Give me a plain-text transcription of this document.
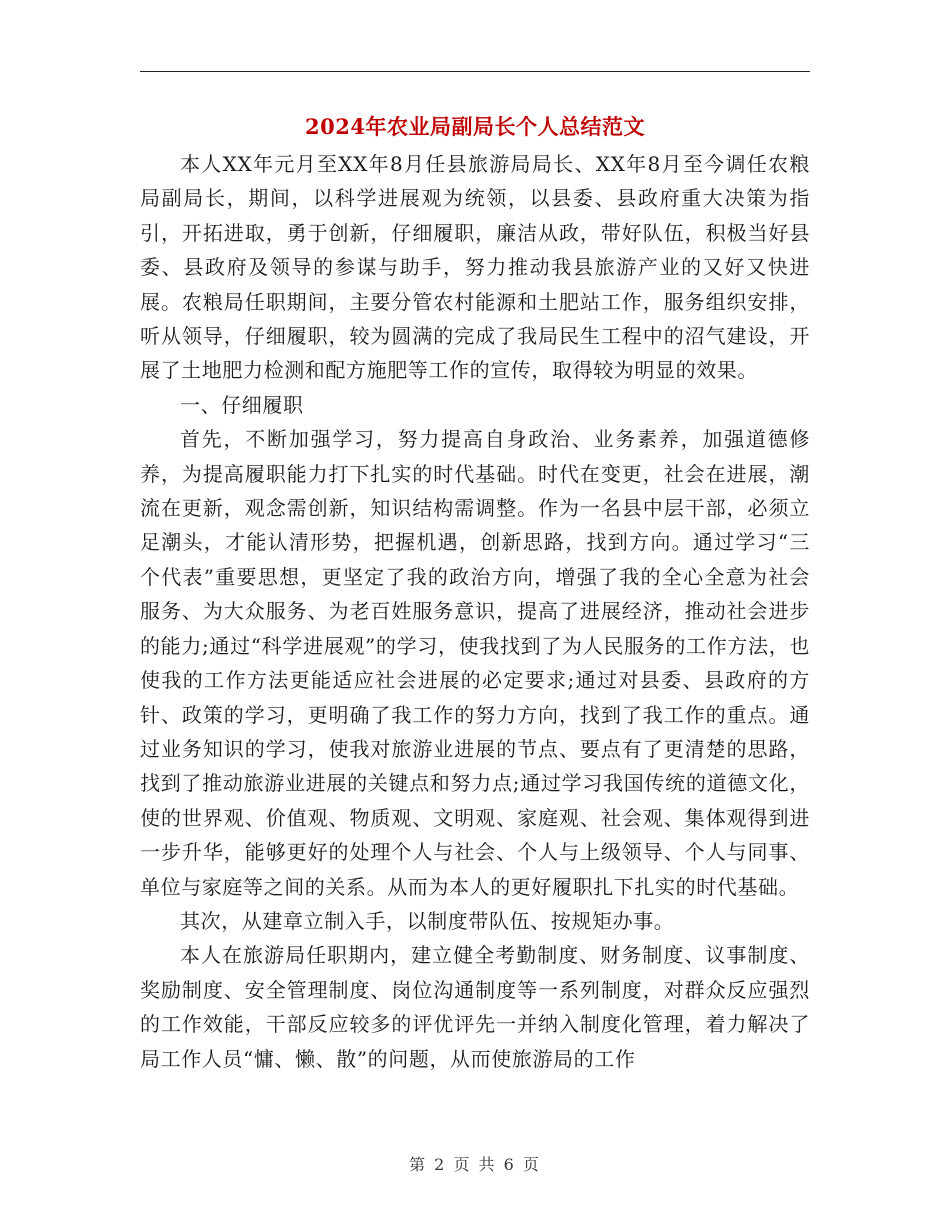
2024年农业局副局长个人总结范文

本人XX年元月至XX年8月任县旅游局局长、XX年8月至今调任农粮局副局长，期间，以科学进展观为统领，以县委、县政府重大决策为指引，开拓进取，勇于创新，仔细履职，廉洁从政，带好队伍，积极当好县委、县政府及领导的参谋与助手，努力推动我县旅游产业的又好又快进展。农粮局任职期间，主要分管农村能源和土肥站工作，服务组织安排，听从领导，仔细履职，较为圆满的完成了我局民生工程中的沼气建设，开展了土地肥力检测和配方施肥等工作的宣传，取得较为明显的效果。

一、仔细履职

首先，不断加强学习，努力提高自身政治、业务素养，加强道德修养，为提高履职能力打下扎实的时代基础。时代在变更，社会在进展，潮流在更新，观念需创新，知识结构需调整。作为一名县中层干部，必须立足潮头，才能认清形势，把握机遇，创新思路，找到方向。通过学习“三个代表”重要思想，更坚定了我的政治方向，增强了我的全心全意为社会服务、为大众服务、为老百姓服务意识，提高了进展经济，推动社会进步的能力;通过“科学进展观”的学习，使我找到了为人民服务的工作方法，也使我的工作方法更能适应社会进展的必定要求;通过对县委、县政府的方针、政策的学习，更明确了我工作的努力方向，找到了我工作的重点。通过业务知识的学习，使我对旅游业进展的节点、要点有了更清楚的思路，找到了推动旅游业进展的关键点和努力点;通过学习我国传统的道德文化，使的世界观、价值观、物质观、文明观、家庭观、社会观、集体观得到进一步升华，能够更好的处理个人与社会、个人与上级领导、个人与同事、单位与家庭等之间的关系。从而为本人的更好履职扎下扎实的时代基础。

其次，从建章立制入手，以制度带队伍、按规矩办事。

本人在旅游局任职期内，建立健全考勤制度、财务制度、议事制度、奖励制度、安全管理制度、岗位沟通制度等一系列制度，对群众反应强烈的工作效能，干部反应较多的评优评先一并纳入制度化管理，着力解决了局工作人员“慵、懒、散”的问题，从而使旅游局的工作

第 2 页 共 6 页
